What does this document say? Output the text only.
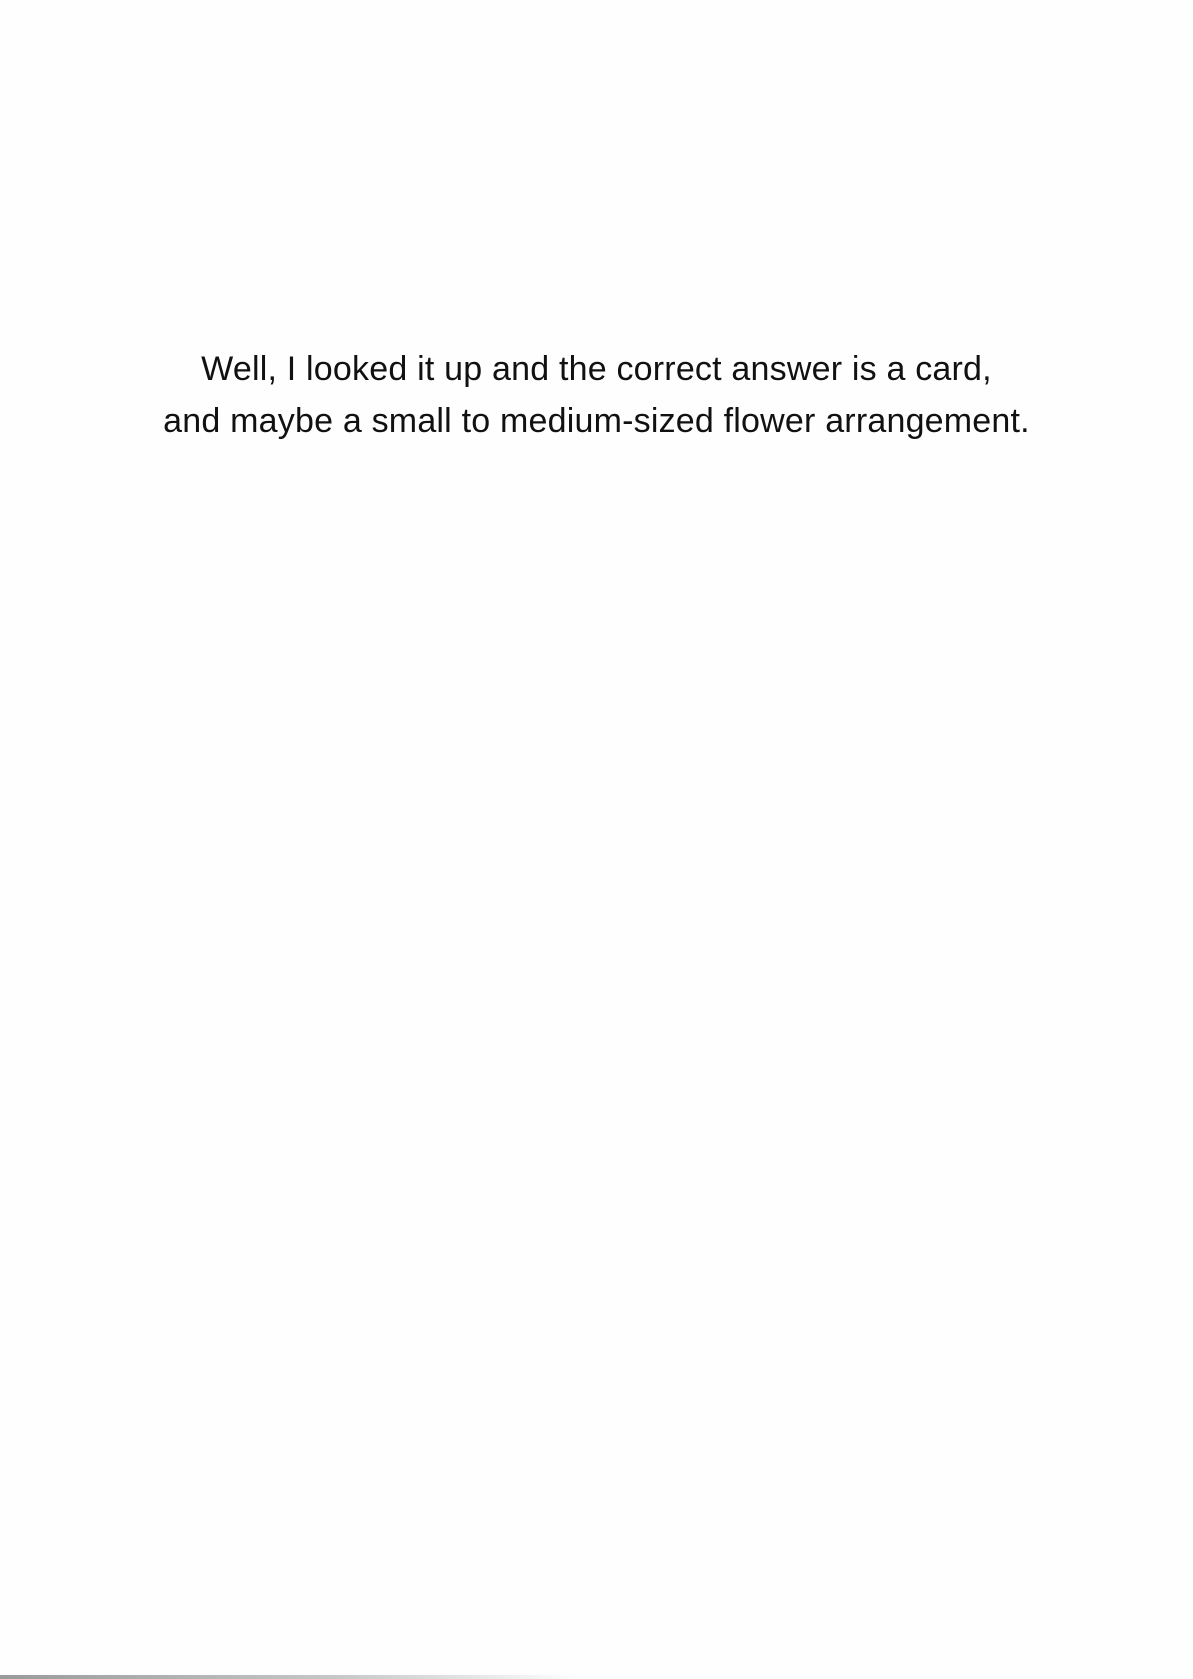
Well, I looked it up and the correct answer is a card,
and maybe a small to medium-sized flower arrangement.
